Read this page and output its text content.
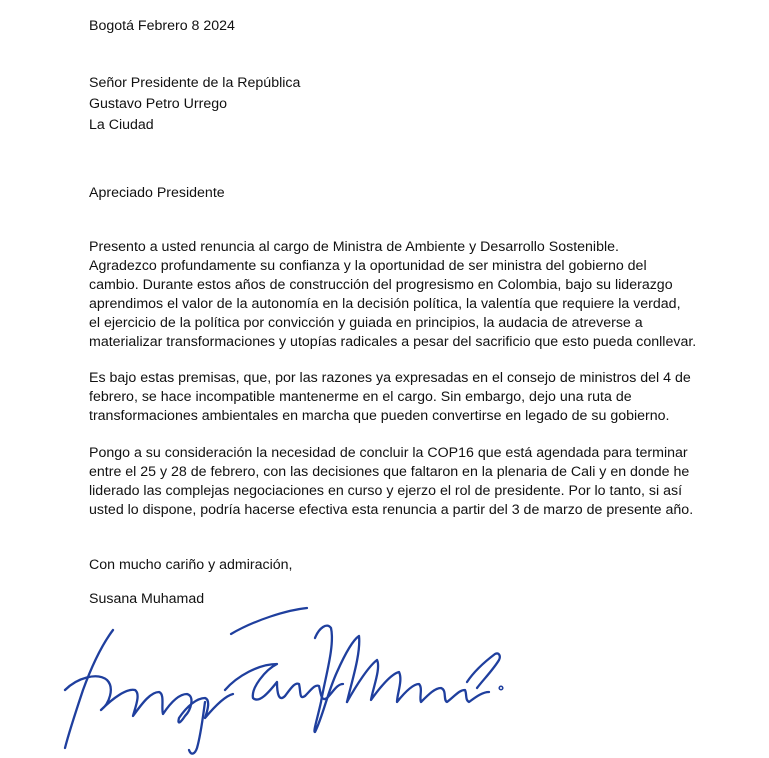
Bogotá Febrero 8 2024
Señor Presidente de la República
Gustavo Petro Urrego
La Ciudad
Apreciado Presidente
Presento a usted renuncia al cargo de Ministra de Ambiente y Desarrollo Sostenible.
Agradezco profundamente su confianza y la oportunidad de ser ministra del gobierno del
cambio. Durante estos años de construcción del progresismo en Colombia, bajo su liderazgo
aprendimos el valor de la autonomía en la decisión política, la valentía que requiere la verdad,
el ejercicio de la política por convicción y guiada en principios, la audacia de atreverse a
materializar transformaciones y utopías radicales a pesar del sacrificio que esto pueda conllevar.
Es bajo estas premisas, que, por las razones ya expresadas en el consejo de ministros del 4 de
febrero, se hace incompatible mantenerme en el cargo. Sin embargo, dejo una ruta de
transformaciones ambientales en marcha que pueden convertirse en legado de su gobierno.
Pongo a su consideración la necesidad de concluir la COP16 que está agendada para terminar
entre el 25 y 28 de febrero, con las decisiones que faltaron en la plenaria de Cali y en donde he
liderado las complejas negociaciones en curso y ejerzo el rol de presidente. Por lo tanto, si así
usted lo dispone, podría hacerse efectiva esta renuncia a partir del 3 de marzo de presente año.
Con mucho cariño y admiración,
Susana Muhamad
